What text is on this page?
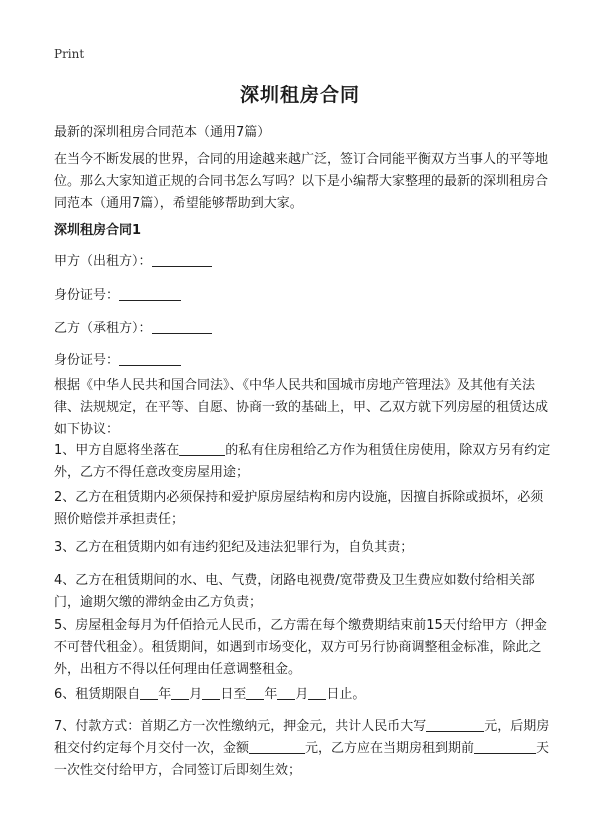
Print
深圳租房合同
最新的深圳租房合同范本（通用7篇）
在当今不断发展的世界，合同的用途越来越广泛，签订合同能平衡双方当事人的平等地位。那么大家知道正规的合同书怎么写吗？以下是小编帮大家整理的最新的深圳租房合同范本（通用7篇），希望能够帮助到大家。
深圳租房合同1
甲方（出租方）：
身份证号：
乙方（承租方）：
身份证号：
根据《中华人民共和国合同法》、《中华人民共和国城市房地产管理法》及其他有关法律、法规规定，在平等、自愿、协商一致的基础上，甲、乙双方就下列房屋的租赁达成如下协议：
1、甲方自愿将坐落在	的私有住房租给乙方作为租赁住房使用，除双方另有约定外，乙方不得任意改变房屋用途；
2、乙方在租赁期内必须保持和爱护原房屋结构和房内设施，因擅自拆除或损坏，必须照价赔偿并承担责任；
3、乙方在租赁期内如有违约犯纪及违法犯罪行为，自负其责；
4、乙方在租赁期间的水、电、气费，闭路电视费/宽带费及卫生费应如数付给相关部门，逾期欠缴的滞纳金由乙方负责；
5、房屋租金每月为仟佰拾元人民币，乙方需在每个缴费期结束前15天付给甲方（押金不可替代租金）。租赁期间，如遇到市场变化，双方可另行协商调整租金标准，除此之外，出租方不得以任何理由任意调整租金。
6、租赁期限自 年 月 日至 年 月 日止。
7、付款方式：首期乙方一次性缴纳元，押金元，共计人民币大写	元，后期房租交付约定每个月交付一次，金额	元，乙方应在当期房租到期前	天一次性交付给甲方，合同签订后即刻生效；
